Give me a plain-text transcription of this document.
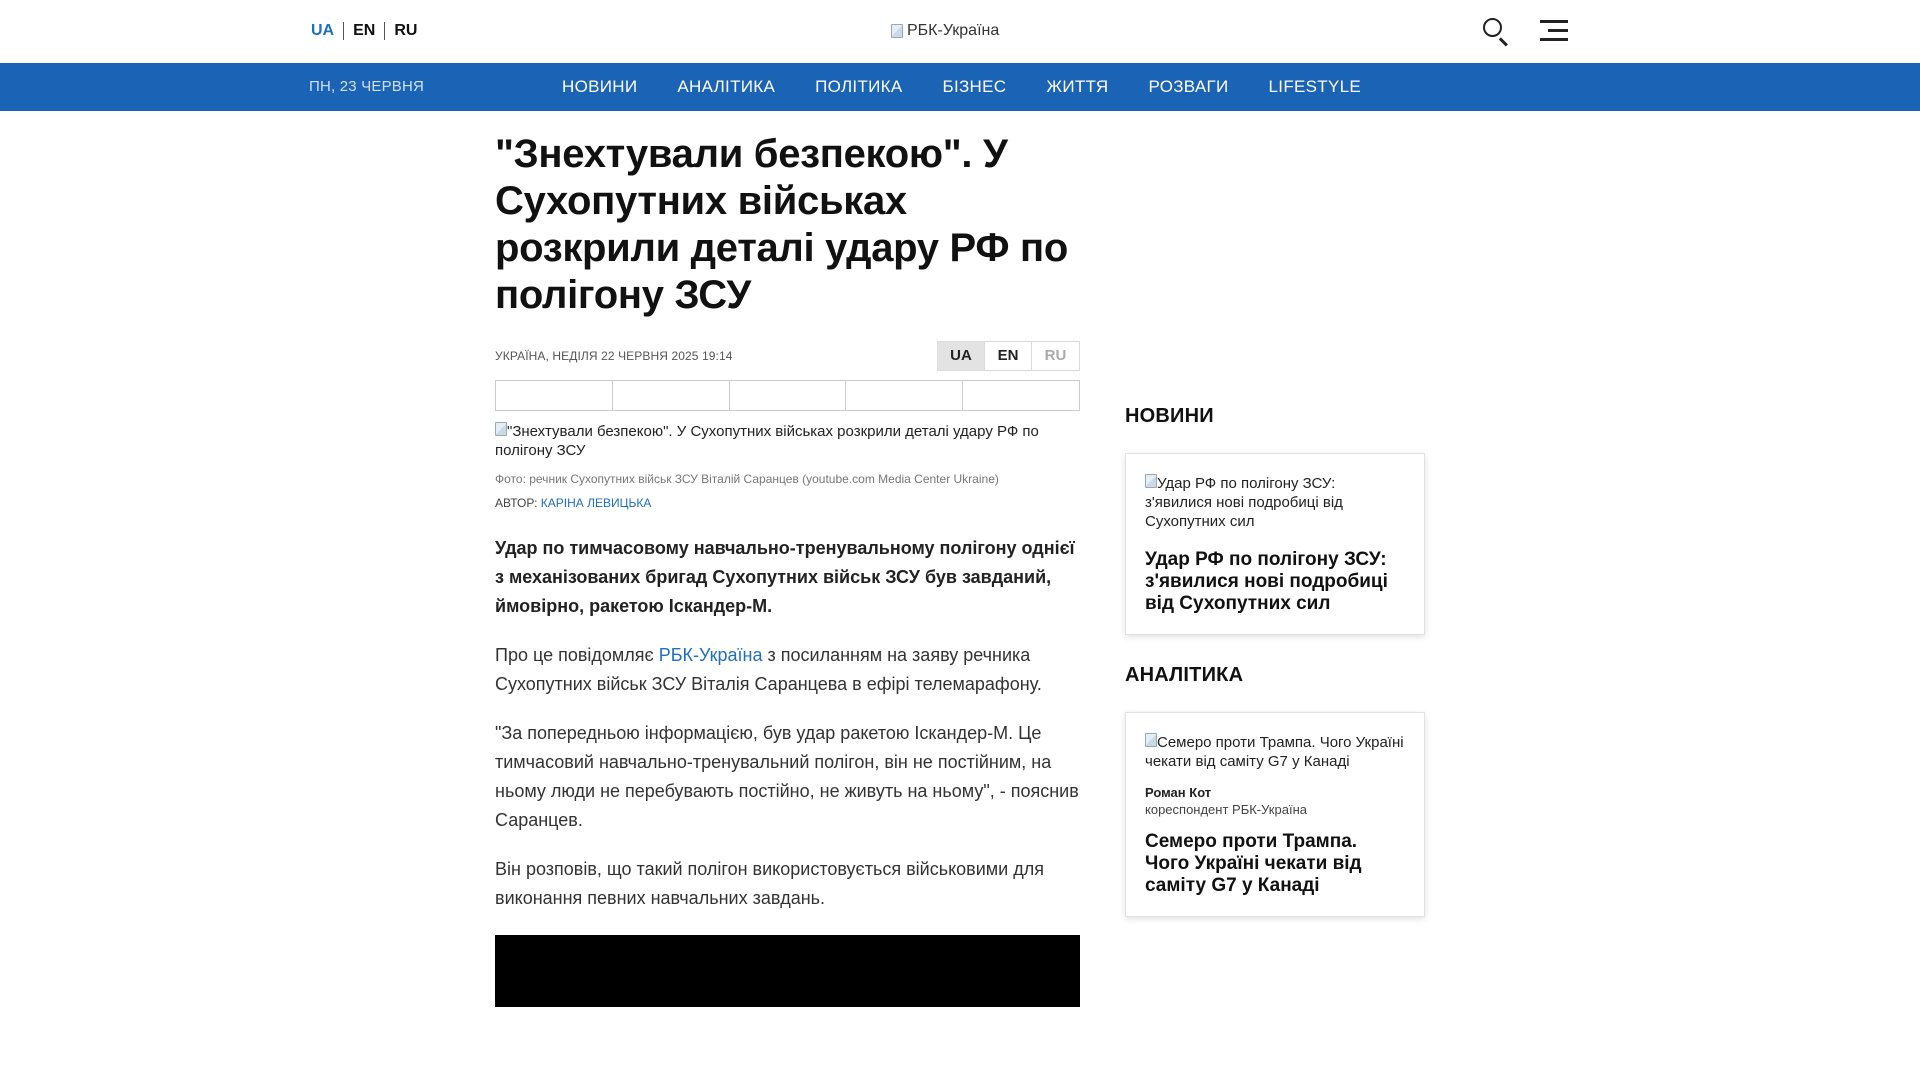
UA	EN	RU	РБК-Україна
ПН, 23 ЧЕРВНЯ	НОВИНИ АНАЛІТИКА ПОЛІТИКА БІЗНЕС ЖИТТЯ РОЗВАГИ LIFESTYLE
"Знехтували безпекою". У Сухопутних військах розкрили деталі удару РФ по полігону ЗСУ
УКРАЇНА, НЕДІЛЯ 22 ЧЕРВНЯ 2025 19:14	UA	EN	RU
"Знехтували безпекою". У Сухопутних військах розкрили деталі удару РФ по полігону ЗСУ
Фото: речник Сухопутних військ ЗСУ Віталій Саранцев (youtube.com Media Center Ukraine)
АВТОР: КАРІНА ЛЕВИЦЬКА

Удар по тимчасовому навчально-тренувальному полігону однієї з механізованих бригад Сухопутних військ ЗСУ був завданий, ймовірно, ракетою Іскандер-М.

Про це повідомляє РБК-Україна з посиланням на заяву речника Сухопутних військ ЗСУ Віталія Саранцева в ефірі телемарафону.

"За попередньою інформацією, був удар ракетою Іскандер-М. Це тимчасовий навчально-тренувальний полігон, він не постійним, на ньому люди не перебувають постійно, не живуть на ньому", - пояснив Саранцев.

Він розповів, що такий полігон використовується військовими для виконання певних навчальних завдань.

НОВИНИ
Удар РФ по полігону ЗСУ: з'явилися нові подробиці від Сухопутних сил
Удар РФ по полігону ЗСУ: з'явилися нові подробиці від Сухопутних сил
АНАЛІТИКА
Семеро проти Трампа. Чого Україні чекати від саміту G7 у Канаді
Роман Кот
кореспондент РБК-Україна
Семеро проти Трампа. Чого Україні чекати від саміту G7 у Канаді
